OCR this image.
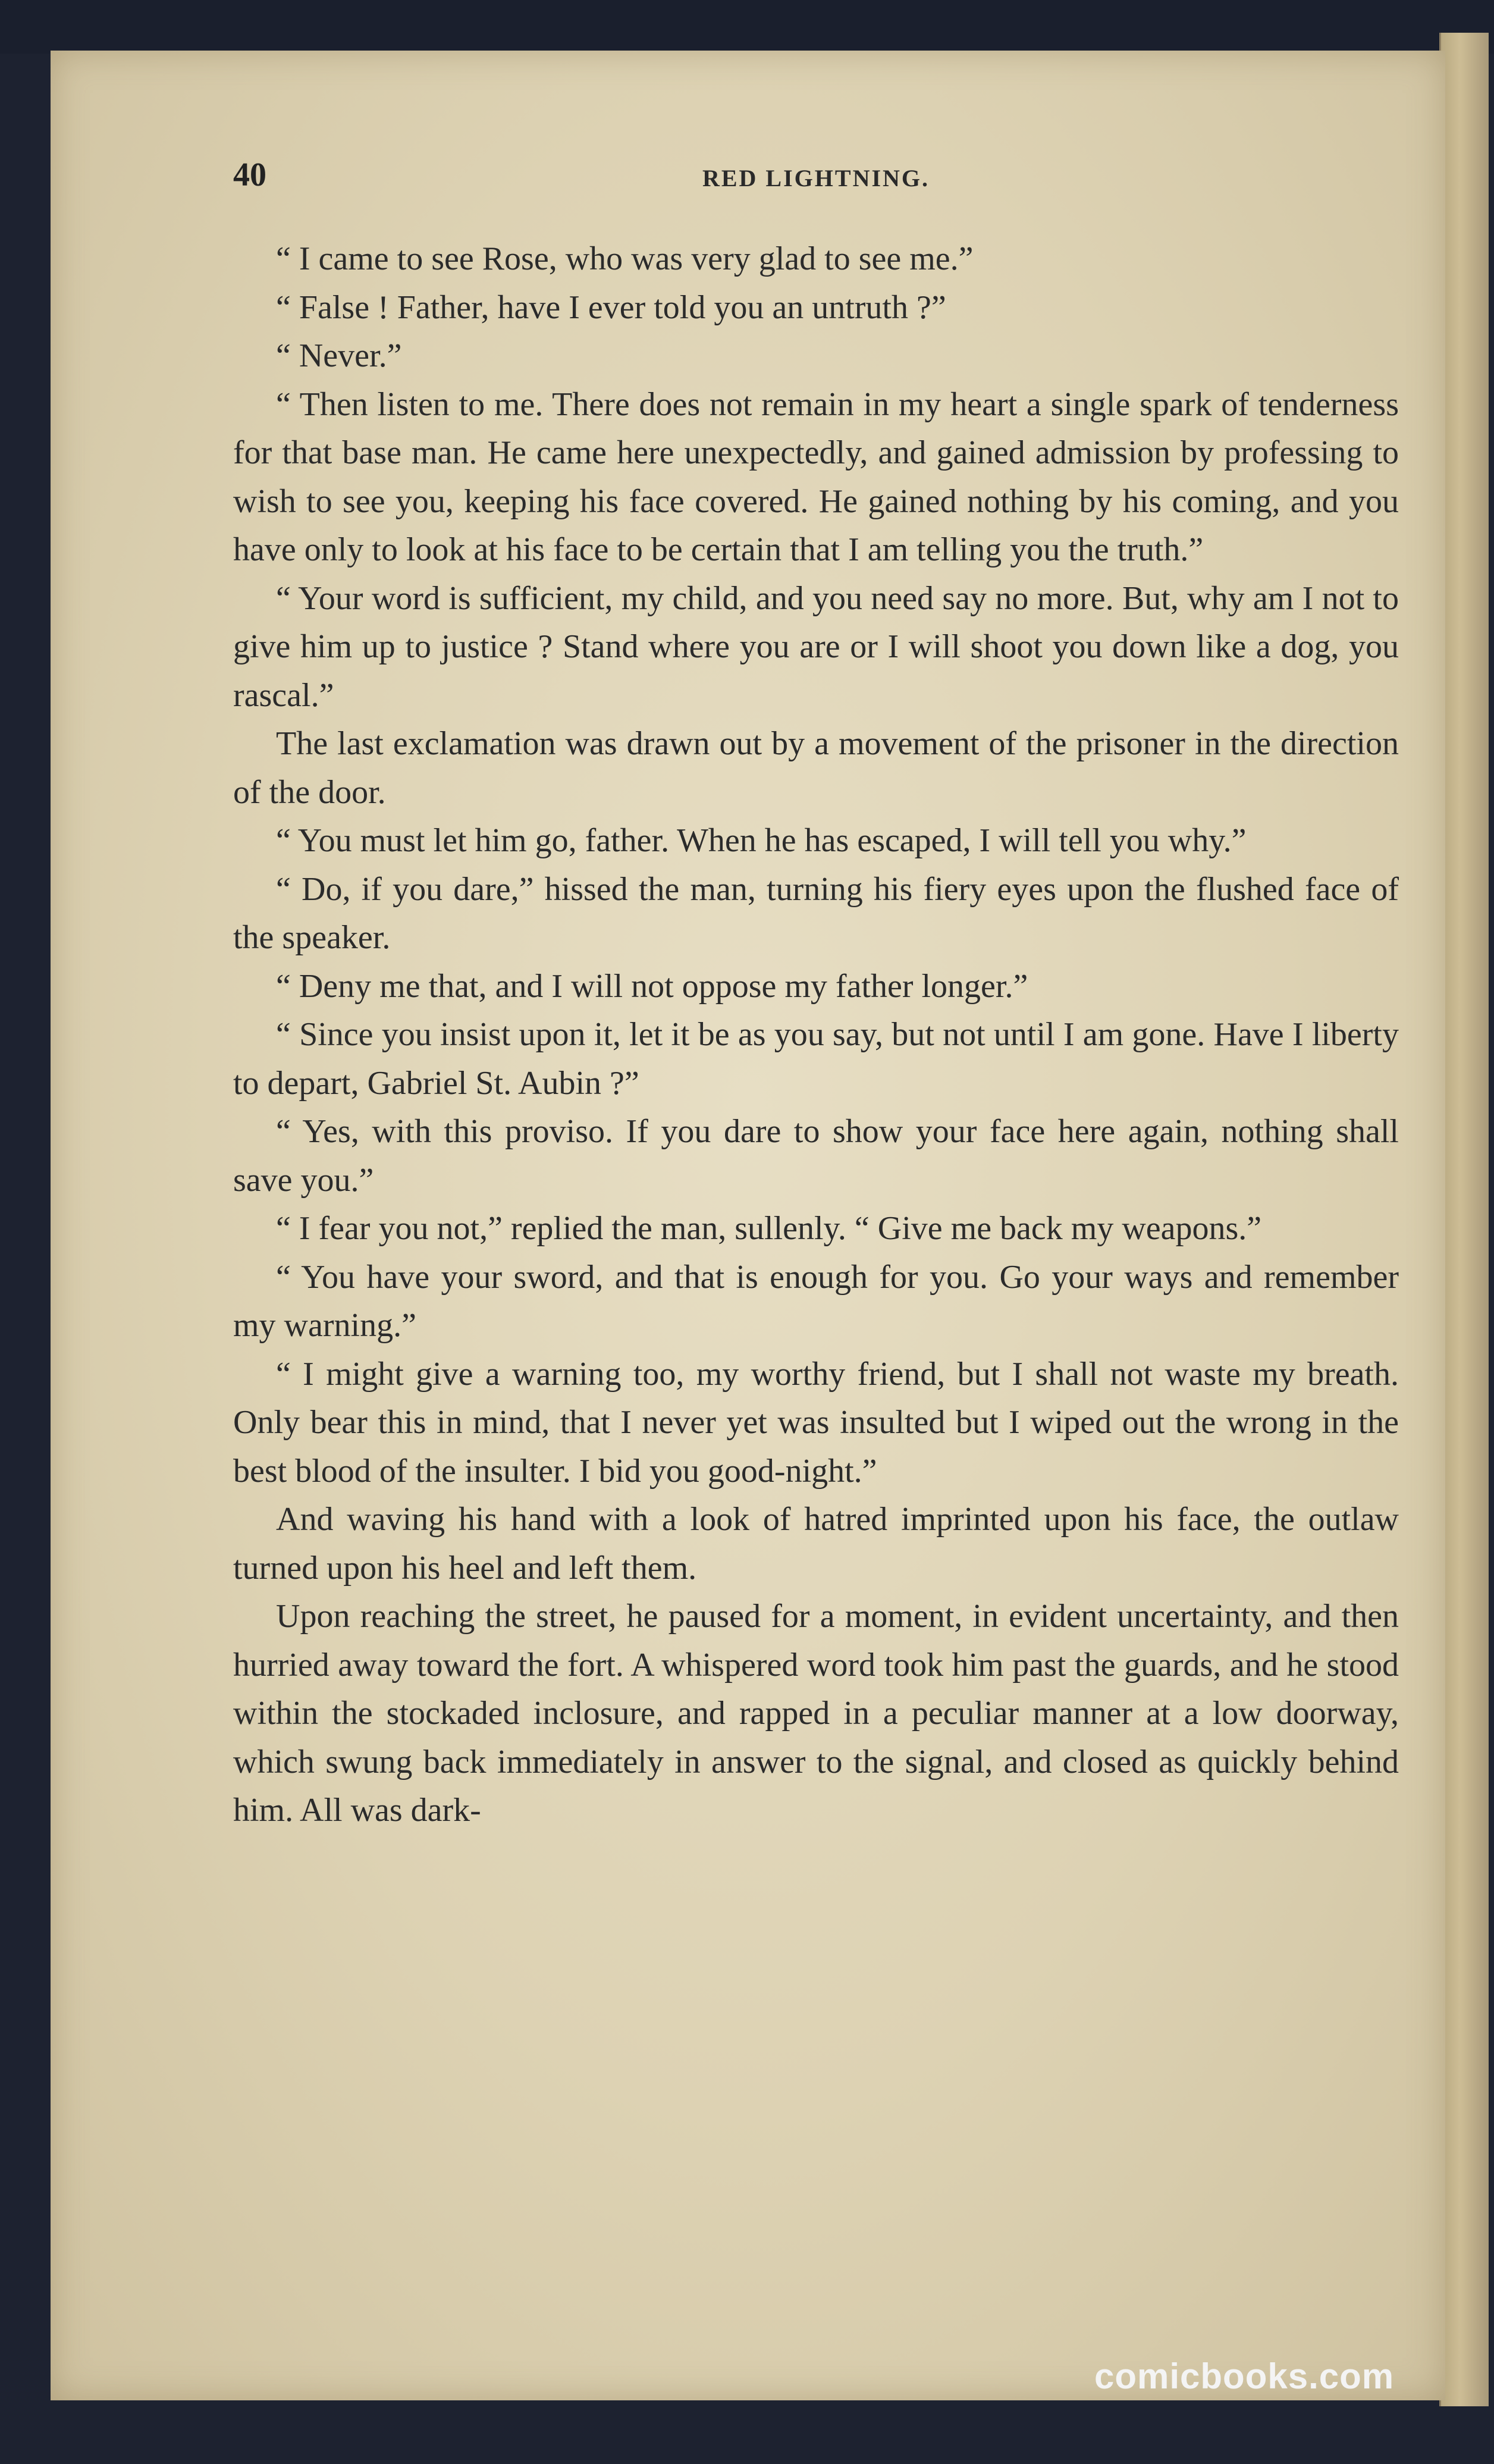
40	RED LIGHTNING.

“ I came to see Rose, who was very glad to see me.”

“ False ! Father, have I ever told you an untruth ?”

“ Never.”

“ Then listen to me. There does not remain in my heart a single spark of tenderness for that base man. He came here unexpectedly, and gained admission by professing to wish to see you, keeping his face covered. He gained nothing by his coming, and you have only to look at his face to be certain that I am telling you the truth.”

“ Your word is sufficient, my child, and you need say no more. But, why am I not to give him up to justice ? Stand where you are or I will shoot you down like a dog, you rascal.”

The last exclamation was drawn out by a movement of the prisoner in the direction of the door.

“ You must let him go, father. When he has escaped, I will tell you why.”

“ Do, if you dare,” hissed the man, turning his fiery eyes upon the flushed face of the speaker.

“ Deny me that, and I will not oppose my father longer.”

“ Since you insist upon it, let it be as you say, but not until I am gone. Have I liberty to depart, Gabriel St. Aubin ?”

“ Yes, with this proviso. If you dare to show your face here again, nothing shall save you.”

“ I fear you not,” replied the man, sullenly. “ Give me back my weapons.”

“ You have your sword, and that is enough for you. Go your ways and remember my warning.”

“ I might give a warning too, my worthy friend, but I shall not waste my breath. Only bear this in mind, that I never yet was insulted but I wiped out the wrong in the best blood of the insulter. I bid you good-night.”

And waving his hand with a look of hatred imprinted upon his face, the outlaw turned upon his heel and left them.

Upon reaching the street, he paused for a moment, in evident uncertainty, and then hurried away toward the fort. A whispered word took him past the guards, and he stood within the stockaded inclosure, and rapped in a peculiar manner at a low doorway, which swung back immediately in answer to the signal, and closed as quickly behind him. All was dark-

comicbooks.com
